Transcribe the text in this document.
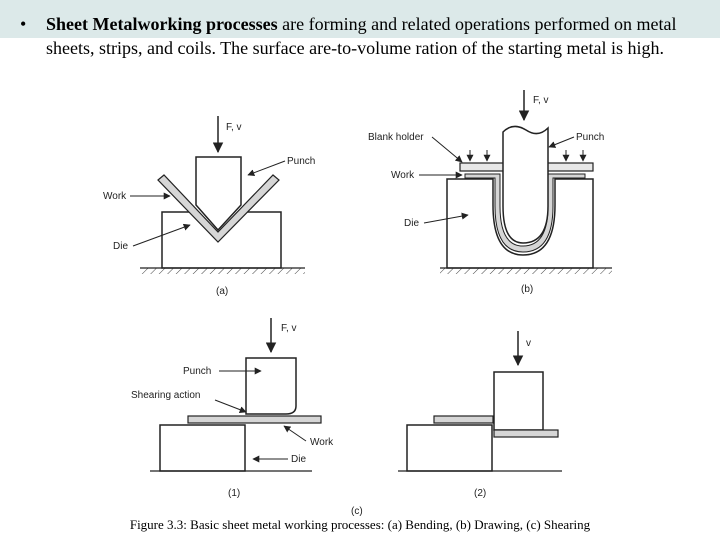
• Sheet Metalworking processes are forming and related operations performed on metal sheets, strips, and coils. The surface are-to-volume ration of the starting metal is high.
F, v
Punch
Work
Die
(a)
F, v
Blank holder	Punch
Work
Die
(b)
F, v
Punch
Shearing action
Work
Die
(1)
v
(2)
(c)
Figure 3.3: Basic sheet metal working processes: (a) Bending, (b) Drawing, (c) Shearing
